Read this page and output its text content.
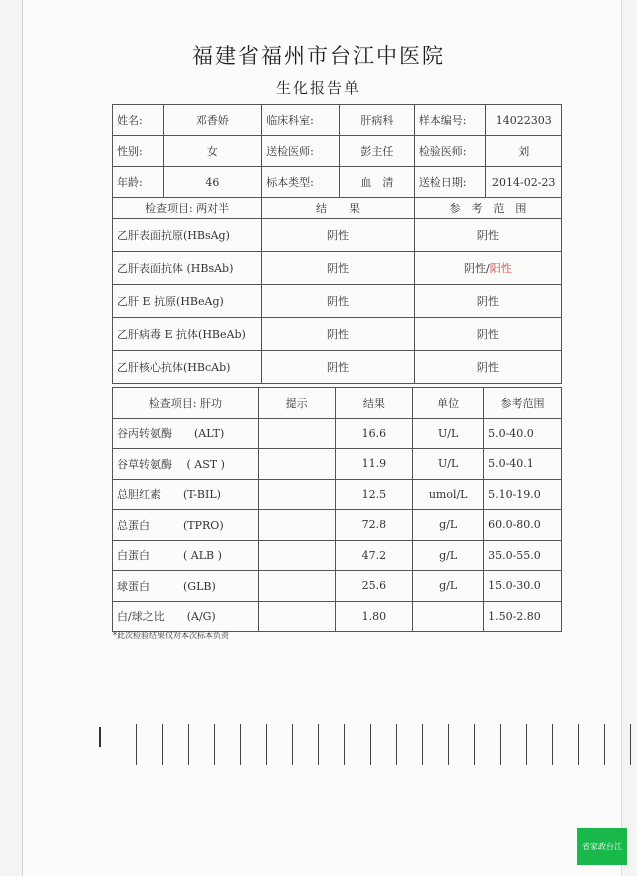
福建省福州市台江中医院
生化报告单
姓名:	邓香娇	临床科室:	肝病科	样本编号:	14022303
性别:	女	送检医师:	彭主任	检验医师:	刘
年龄:	46	标本类型:	血　清	送检日期:	2014-02-23
检查项目: 两对半		结　　果		参　考　范　围	
乙肝表面抗原(HBsAg)		阴性		阴性	
乙肝表面抗体 (HBsAb)		阴性		阴性/阳性	
乙肝 E 抗原(HBeAg)		阴性		阴性	
乙肝病毒 E 抗体(HBeAb)		阴性		阴性	
乙肝核心抗体(HBcAb)		阴性		阴性	
检查项目: 肝功	提示	结果	单位	参考范围
谷丙转氨酶　　(ALT)		16.6	U/L	5.0-40.0
谷草转氨酶　 ( AST )		11.9	U/L	5.0-40.1
总胆红素　　(T-BIL)		12.5	umol/L	5.10-19.0
总蛋白　　　(TPRO)		72.8	g/L	60.0-80.0
白蛋白　　　( ALB )		47.2	g/L	35.0-55.0
球蛋白　　　(GLB)		25.6	g/L	15.0-30.0
白/球之比　　(A/G)		1.80		1.50-2.80
*此次检验结果仅对本次标本负责
省家政台江
